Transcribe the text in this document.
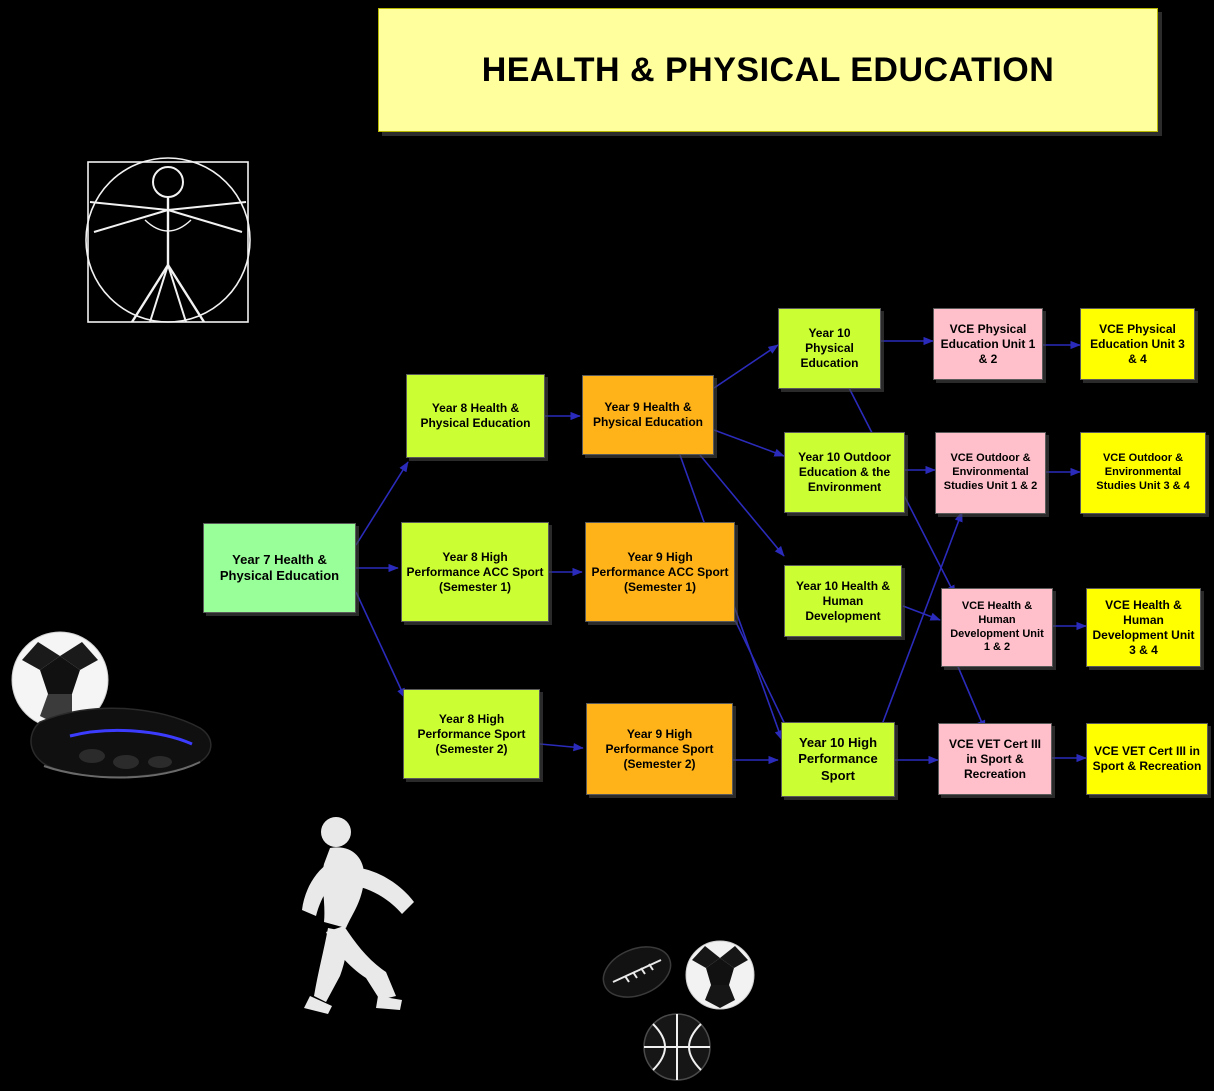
HEALTH & PHYSICAL EDUCATION
Year 7 Health & Physical Education
Year 8 Health & Physical Education
Year 9 Health & Physical Education
Year 8 High Performance ACC Sport (Semester 1)
Year 9 High Performance ACC Sport (Semester 1)
Year 8 High Performance Sport (Semester 2)
Year 9 High Performance Sport (Semester 2)
Year 10 Physical Education
Year 10 Outdoor Education & the Environment
Year 10 Health & Human Development
Year 10 High Performance Sport
VCE Physical Education Unit 1 & 2
VCE Physical Education Unit 3 & 4
VCE Outdoor & Environmental Studies Unit 1 & 2
VCE Outdoor & Environmental Studies Unit 3 & 4
VCE Health & Human Development Unit 1 & 2
VCE Health & Human Development Unit 3 & 4
VCE VET Cert III in Sport & Recreation
VCE VET Cert III in Sport & Recreation
